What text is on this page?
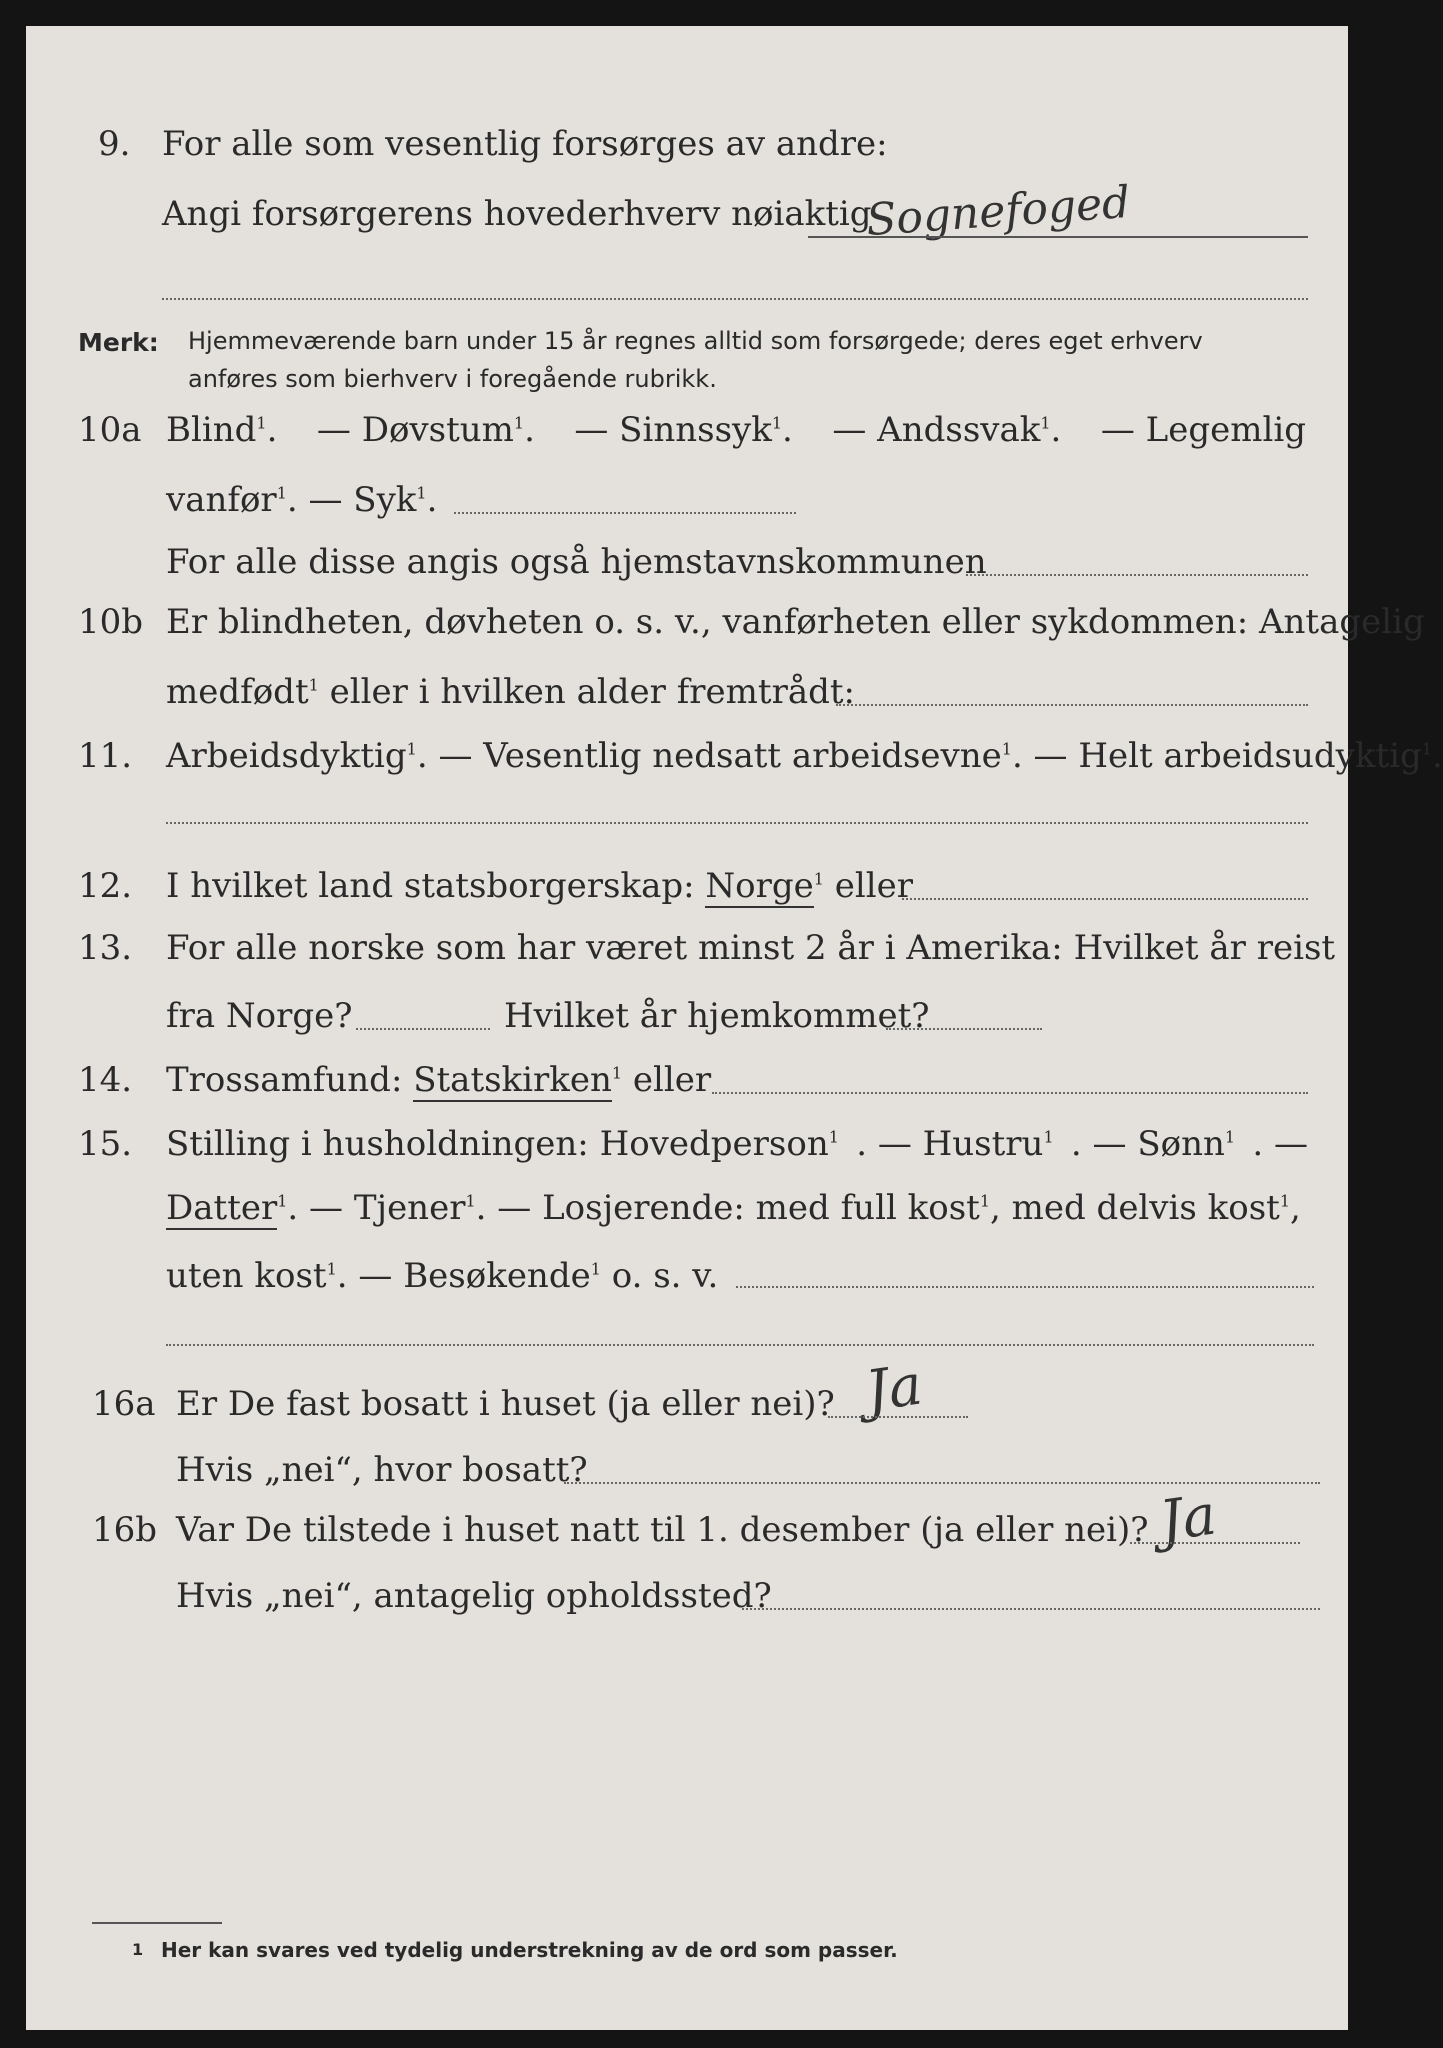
9. For alle som vesentlig forsørges av andre:
Angi forsørgerens hovederhverv nøiaktig
Sognefoged
Merk: Hjemmeværende barn under 15 år regnes alltid som forsørgede; deres eget erhverv
anføres som bierhverv i foregående rubrikk.
10a Blind$^1$. — Døvstum$^1$. — Sinnssyk$^1$. — Andssvak$^1$. — Legemlig
vanfør$^1$. — Syk$^1$.
For alle disse angis også hjemstavnskommunen
10b Er blindheten, døvheten o. s. v., vanførheten eller sykdommen: Antagelig
medfødt$^1$ eller i hvilken alder fremtrådt:
11. Arbeidsdyktig$^1$. — Vesentlig nedsatt arbeidsevne$^1$. — Helt arbeidsudyktig$^1$.
12. I hvilket land statsborgerskap: Norge$^1$ eller
13. For alle norske som har været minst 2 år i Amerika: Hvilket år reist
fra Norge?	Hvilket år hjemkommet?
14. Trossamfund: Statskirken$^1$ eller
15. Stilling i husholdningen: Hovedperson$^1$ . — Hustru$^1$ . — Sønn$^1$ . —
Datter$^1$. — Tjener$^1$. — Losjerende: med full kost$^1$, med delvis kost$^1$,
uten kost$^1$. — Besøkende$^1$ o. s. v.
16a Er De fast bosatt i huset (ja eller nei)? Ja
Hvis „nei“, hvor bosatt?
16b Var De tilstede i huset natt til 1. desember (ja eller nei)? Ja
Hvis „nei“, antagelig opholdssted?
1 Her kan svares ved tydelig understrekning av de ord som passer.
